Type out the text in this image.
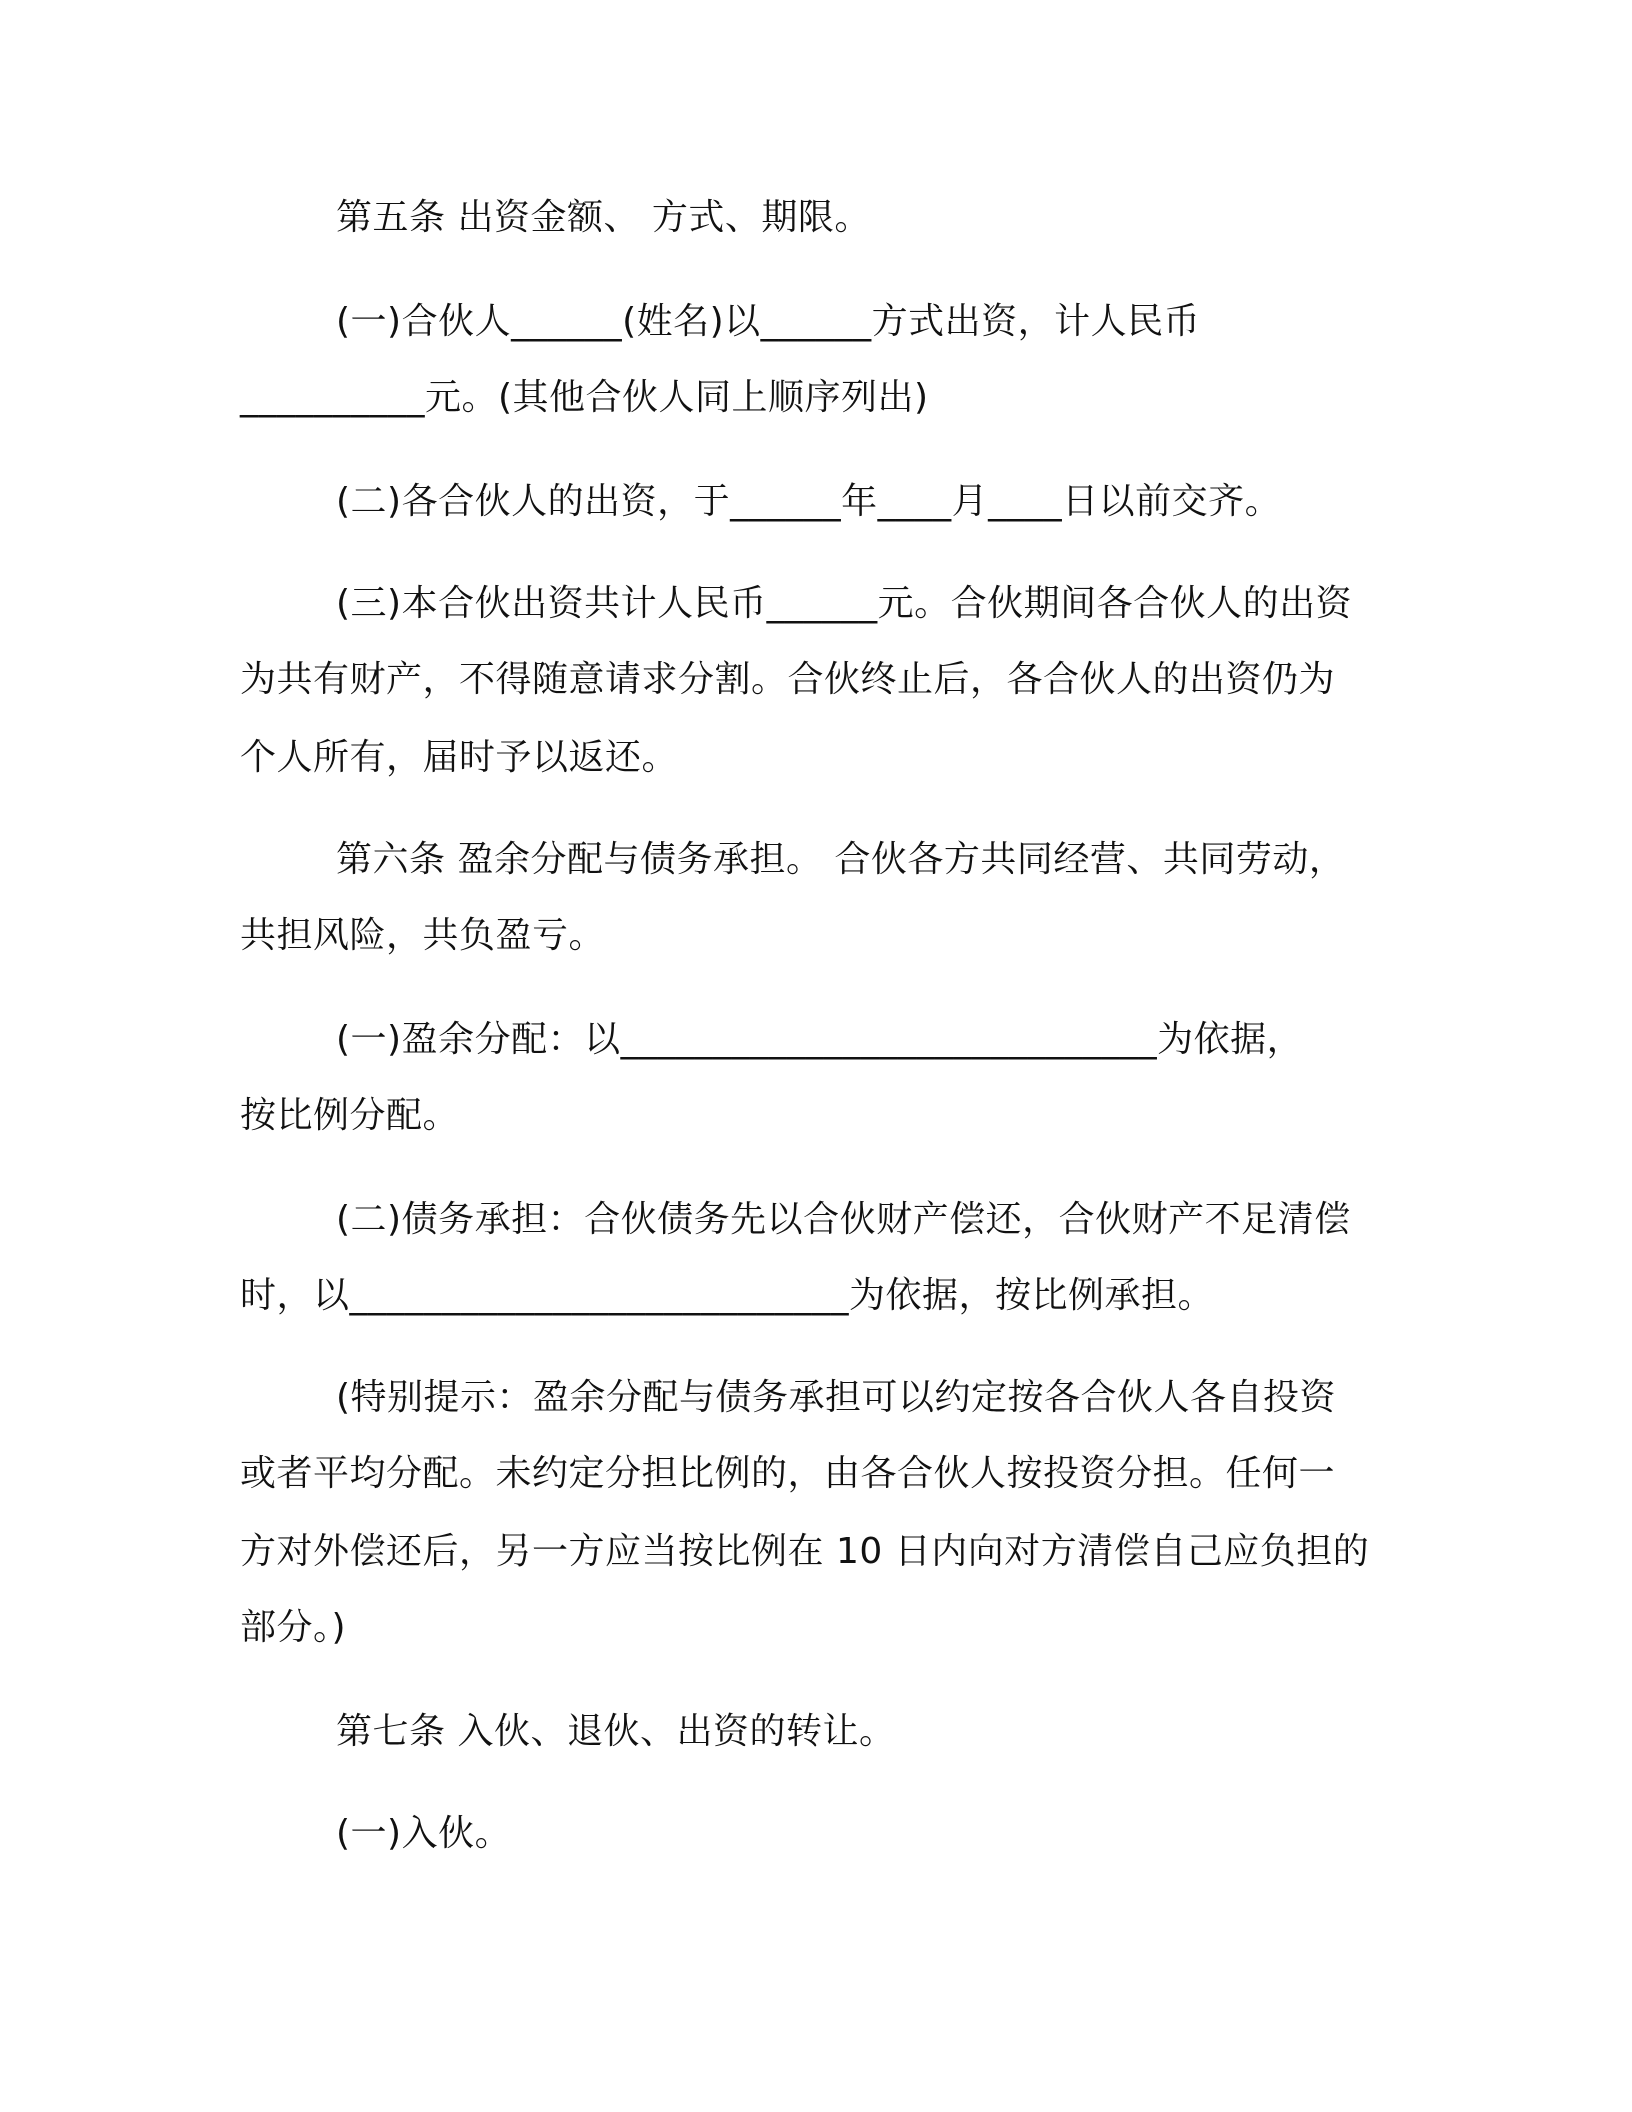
第五条 出资金额、 方式、期限。
(一)合伙人______(姓名)以______方式出资，计人民币
__________元。(其他合伙人同上顺序列出)
(二)各合伙人的出资，于______年____月____日以前交齐。
(三)本合伙出资共计人民币______元。合伙期间各合伙人的出资
为共有财产，不得随意请求分割。合伙终止后，各合伙人的出资仍为
个人所有，届时予以返还。
第六条 盈余分配与债务承担。 合伙各方共同经营、共同劳动，
共担风险，共负盈亏。
(一)盈余分配：以_____________________________为依据，
按比例分配。
(二)债务承担：合伙债务先以合伙财产偿还，合伙财产不足清偿
时，以___________________________为依据，按比例承担。
(特别提示：盈余分配与债务承担可以约定按各合伙人各自投资
或者平均分配。未约定分担比例的，由各合伙人按投资分担。任何一
方对外偿还后，另一方应当按比例在 10 日内向对方清偿自己应负担的
部分。)
第七条 入伙、退伙、出资的转让。
(一)入伙。
